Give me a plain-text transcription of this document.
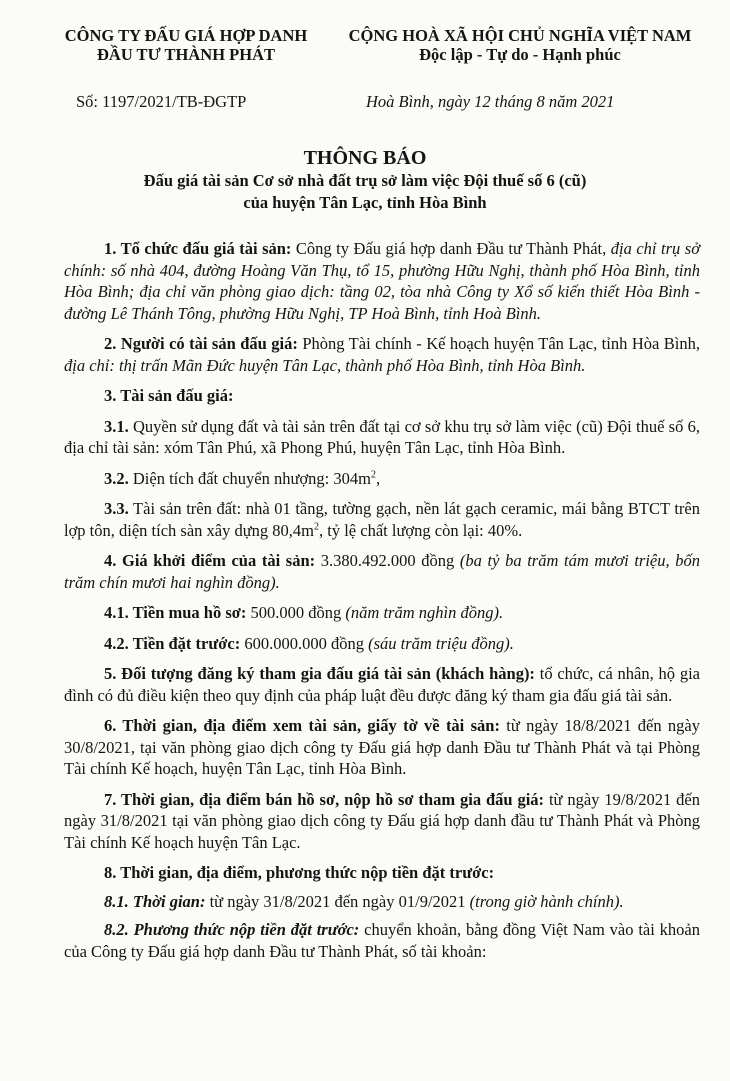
CÔNG TY ĐẤU GIÁ HỢP DANH
ĐẦU TƯ THÀNH PHÁT
CỘNG HOÀ XÃ HỘI CHỦ NGHĨA VIỆT NAM
Độc lập - Tự do - Hạnh phúc
Số: 1197/2021/TB-ĐGTP	Hoà Bình, ngày 12 tháng 8 năm 2021
THÔNG BÁO
Đấu giá tài sản Cơ sở nhà đất trụ sở làm việc Đội thuế số 6 (cũ)
của huyện Tân Lạc, tỉnh Hòa Bình

1. Tổ chức đấu giá tài sản: Công ty Đấu giá hợp danh Đầu tư Thành Phát, địa chỉ trụ sở chính: số nhà 404, đường Hoàng Văn Thụ, tổ 15, phường Hữu Nghị, thành phố Hòa Bình, tỉnh Hòa Bình; địa chỉ văn phòng giao dịch: tầng 02, tòa nhà Công ty Xổ số kiến thiết Hòa Bình - đường Lê Thánh Tông, phường Hữu Nghị, TP Hoà Bình, tỉnh Hoà Bình.

2. Người có tài sản đấu giá: Phòng Tài chính - Kế hoạch huyện Tân Lạc, tỉnh Hòa Bình, địa chỉ: thị trấn Mãn Đức huyện Tân Lạc, thành phố Hòa Bình, tỉnh Hòa Bình.

3. Tài sản đấu giá:

3.1. Quyền sử dụng đất và tài sản trên đất tại cơ sở khu trụ sở làm việc (cũ) Đội thuế số 6, địa chỉ tài sản: xóm Tân Phú, xã Phong Phú, huyện Tân Lạc, tỉnh Hòa Bình.

3.2. Diện tích đất chuyển nhượng: $304m^2$,

3.3. Tài sản trên đất: nhà 01 tầng, tường gạch, nền lát gạch ceramic, mái bằng BTCT trên lợp tôn, diện tích sàn xây dựng $80,4m^2$, tỷ lệ chất lượng còn lại: 40%.

4. Giá khởi điểm của tài sản: 3.380.492.000 đồng (ba tỷ ba trăm tám mươi triệu, bốn trăm chín mươi hai nghìn đồng).

4.1. Tiền mua hồ sơ: 500.000 đồng (năm trăm nghìn đồng).

4.2. Tiền đặt trước: 600.000.000 đồng (sáu trăm triệu đồng).

5. Đối tượng đăng ký tham gia đấu giá tài sản (khách hàng): tổ chức, cá nhân, hộ gia đình có đủ điều kiện theo quy định của pháp luật đều được đăng ký tham gia đấu giá tài sản.

6. Thời gian, địa điểm xem tài sản, giấy tờ về tài sản: từ ngày 18/8/2021 đến ngày 30/8/2021, tại văn phòng giao dịch công ty Đấu giá hợp danh Đầu tư Thành Phát và tại Phòng Tài chính Kế hoạch, huyện Tân Lạc, tỉnh Hòa Bình.

7. Thời gian, địa điểm bán hồ sơ, nộp hồ sơ tham gia đấu giá: từ ngày 19/8/2021 đến ngày 31/8/2021 tại văn phòng giao dịch công ty Đấu giá hợp danh đầu tư Thành Phát và Phòng Tài chính Kế hoạch huyện Tân Lạc.

8. Thời gian, địa điểm, phương thức nộp tiền đặt trước:

8.1. Thời gian: từ ngày 31/8/2021 đến ngày 01/9/2021 (trong giờ hành chính).

8.2. Phương thức nộp tiền đặt trước: chuyển khoản, bằng đồng Việt Nam vào tài khoản của Công ty Đấu giá hợp danh Đầu tư Thành Phát, số tài khoản:
